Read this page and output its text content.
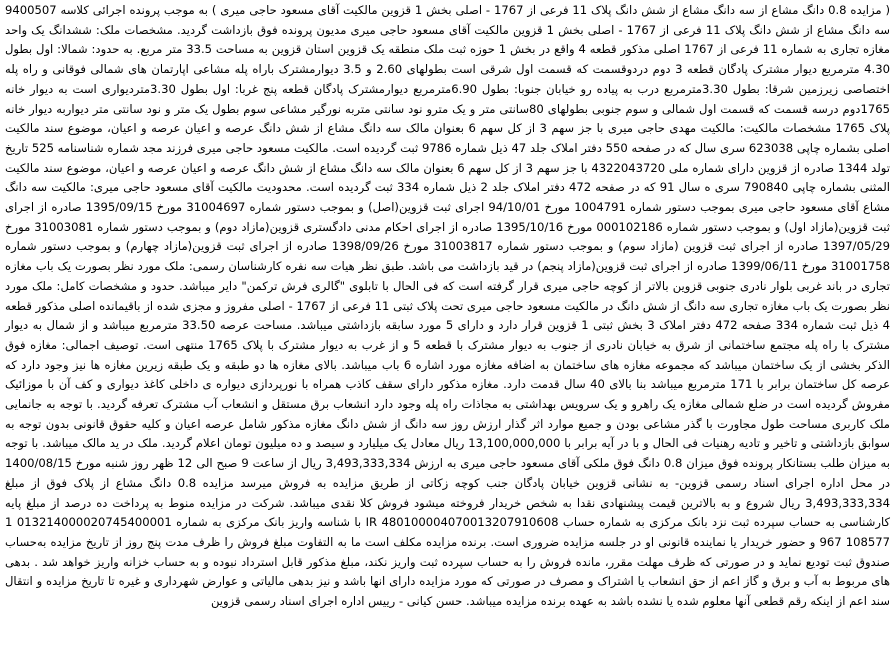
( مزایده 0.8 دانگ مشاع از سه دانگ مشاع از شش دانگ پلاک 11 فرعی از 1767 - اصلی بخش 1 قزوین مالکیت آقای مسعود حاجی میری ) به موجب پرونده اجرائی کلاسه 9400507 سه دانگ مشاع از شش دانگ پلاک 11 فرعی از 1767 - اصلی بخش 1 قزوین مالکیت آقای مسعود حاجی میری مدیون پرونده فوق بازداشت گردید. مشخصات ملک: ششدانگ یک واحد مغازه تجاری به شماره 11 فرعی از 1767 اصلی مذکور قطعه 4 واقع در بخش 1 حوزه ثبت ملک منطقه یک قزوین استان قزوین به مساحت 33.5 متر مربع. به حدود: شمالا: اول بطول 4.30 مترمربع دیوار مشترک پادگان قطعه 3 دوم دردوقسمت که قسمت اول شرقی است بطولهای 2.60 و 3.5 دیوارمشترک باراه پله مشاعی اپارتمان های شمالی فوقانی و راه پله اختصاصی زیرزمین شرقا: بطول 3.30مترمربع درب به پیاده رو خیابان جنوبا: بطول 6.90مترمربع دیوارمشترک پادگان قطعه پنج غربا: اول بطول 3.30متردیواری است به دیوار خانه 1765دوم درسه قسمت که قسمت اول شمالی و سوم جنوبی بطولهای 80سانتی متر و یک مترو نود سانتی متربه نورگیر مشاعی سوم بطول یک متر و نود سانتی متر دیواربه دیوار خانه پلاک 1765 مشخصات مالکیت: مالکیت مهدی حاجی میری با جز سهم 3 از کل سهم 6 بعنوان مالک سه دانگ مشاع از شش دانگ عرصه و اعیان عرصه و اعیان، موضوع سند مالکیت اصلی بشماره چاپی 623038 سری سال که در صفحه 550 دفتر املاک جلد 47 ذیل شماره 9786 ثبت گردیده است. مالکیت مسعود حاجی میری فرزند مجد شماره شناسنامه 525 تاریخ تولد 1344 صادره از قزوین دارای شماره ملی 4322043720 با جز سهم 3 از کل سهم 6 بعنوان مالک سه دانگ مشاع از شش دانگ عرصه و اعیان عرصه و اعیان، موضوع سند مالکیت المثنی بشماره چاپی 790840 سری ه سال 91 که در صفحه 472 دفتر املاک جلد 2 ذیل شماره 334 ثبت گردیده است. محدودیت مالکیت آقای مسعود حاجی میری: مالکیت سه دانگ مشاع آقای مسعود حاجی میری بموجب دستور شماره 1004791 مورخ 94/10/01 اجرای ثبت قزوین(اصل) و بموجب دستور شماره 31004697 مورخ 1395/09/15 صادره از اجرای ثبت قزوین(مازاد اول) و بموجب دستور شماره 000102186 مورخ 1395/10/16 صادره از اجرای احکام مدنی دادگستری قزوین(مازاد دوم) و بموجب دستور شماره 31003081 مورخ 1397/05/29 صادره از اجرای ثبت قزوین (مازاد سوم) و بموجب دستور شماره 31003817 مورخ 1398/09/26 صادره از اجرای ثبت قزوین(مازاد چهارم) و بموجب دستور شماره 31001758 مورخ 1399/06/11 صادره از اجرای ثبت قزوین(مازاد پنجم) در قید بازداشت می باشد. طبق نظر هیات سه نفره کارشناسان رسمی: ملک مورد نظر بصورت یک باب مغازه تجاری در باند غربی بلوار نادری جنوبی قزوین بالاتر از کوچه حاجی میری قرار گرفته است که فی الحال با تابلوی "گالری فرش ترکمن" دایر میباشد. حدود و مشخصات کامل: ملک مورد نظر بصورت یک باب مغازه تجاری سه دانگ از شش دانگ در مالکیت مسعود حاجی میری تحت پلاک ثبتی 11 فرعی از 1767 - اصلی مفروز و مجزی شده از باقیمانده اصلی مذکور قطعه 4 ذیل ثبت شماره 334 صفحه 472 دفتر املاک 3 بخش ثبتی 1 قزوین قرار دارد و دارای 5 مورد سابقه بازداشتی میباشد. مساحت عرصه 33.50 مترمربع میباشد و از شمال به دیوار مشترک با راه پله مجتمع ساختمانی از شرق به خیابان نادری از جنوب به دیوار مشترک با قطعه 5 و از غرب به دیوار مشترک با پلاک 1765 منتهی است. توصیف اجمالی: مغازه فوق الذکر بخشی از یک ساختمان میباشد که مجموعه مغازه های ساختمان به اضافه مغازه مورد اشاره 6 باب میباشد. بالای مغازه ها دو طبقه و یک طبقه زیرین مغازه ها نیز وجود دارد که عرصه کل ساختمان برابر با 171 مترمربع میباشد بنا بالای 40 سال قدمت دارد. مغازه مذکور دارای سقف کاذب همراه با نورپردازی دیواره ی داخلی کاغذ دیواری و کف آن با موزائیک مفروش گردیده است در ضلع شمالی مغازه یک راهرو و یک سرویس بهداشتی به مجاذات راه پله وجود دارد انشعاب برق مستقل و انشعاب آب مشترک تعرفه گردید. با توجه به جانمایی ملک کاربری مساحت طول مجاورت با گذر مشاعی بودن و جمیع موارد اثر گذار ارزش روز سه دانگ از شش دانگ مغازه مذکور شامل عرصه اعیان و کلیه حقوق قانونی بدون توجه به سوابق بازداشتی و تاخیر و تادیه رهنیات فی الحال و با در آیه برابر با 13,100,000,000 ریال معادل یک میلیارد و سیصد و ده میلیون تومان اعلام گردید. ملک در ید مالک میباشد. با توجه به میزان طلب بستانکار پرونده فوق میزان 0.8 دانگ فوق ملکی آقای مسعود حاجی میری به ارزش 3,493,333,334 ریال از ساعت 9 صبح الی 12 ظهر روز شنبه مورخ 1400/08/15 در محل اداره اجرای اسناد رسمی قزوین- به نشانی قزوین خیابان پادگان جنب کوچه زکاتی از طریق مزایده به فروش میرسد مزایده 0.8 دانگ مشاع از پلاک فوق از مبلغ 3,493,333,334 ریال شروع و به بالاترین قیمت پیشنهادی نقدا به شخص خریدار فروخته میشود فروش کلا نقدی میباشد. شرکت در مزایده منوط به پرداخت ده درصد از مبلغ پایه کارشناسی به حساب سپرده ثبت نزد بانک مرکزی به شماره حساب IR 480100004070013207910608 با شناسه واریز بانک مرکزی به شماره 013214000020745400001 1 108577 967 و حضور خریدار یا نماینده قانونی او در جلسه مزایده ضروری است. برنده مزایده مکلف است ما به التفاوت مبلغ فروش را ظرف مدت پنج روز از تاریخ مزایده به‌حساب صندوق ثبت تودیع نماید و در صورتی که ظرف مهلت مقرر، مانده فروش را به حساب سپرده ثبت واریز نکند، مبلغ مذکور قابل استرداد نبوده و به حساب خزانه واریز خواهد شد . بدهی های مربوط به آب و برق و گاز اعم از حق انشعاب یا اشتراک و مصرف در صورتی که مورد مزایده دارای انها باشد و نیز بدهی مالیاتی و عوارض شهرداری و غیره تا تاریخ مزایده و انتقال سند اعم از اینکه رقم قطعی آنها معلوم شده یا نشده باشد به عهده برنده مزایده میباشد. حسن کیانی - رییس اداره اجرای اسناد رسمی قزوین
